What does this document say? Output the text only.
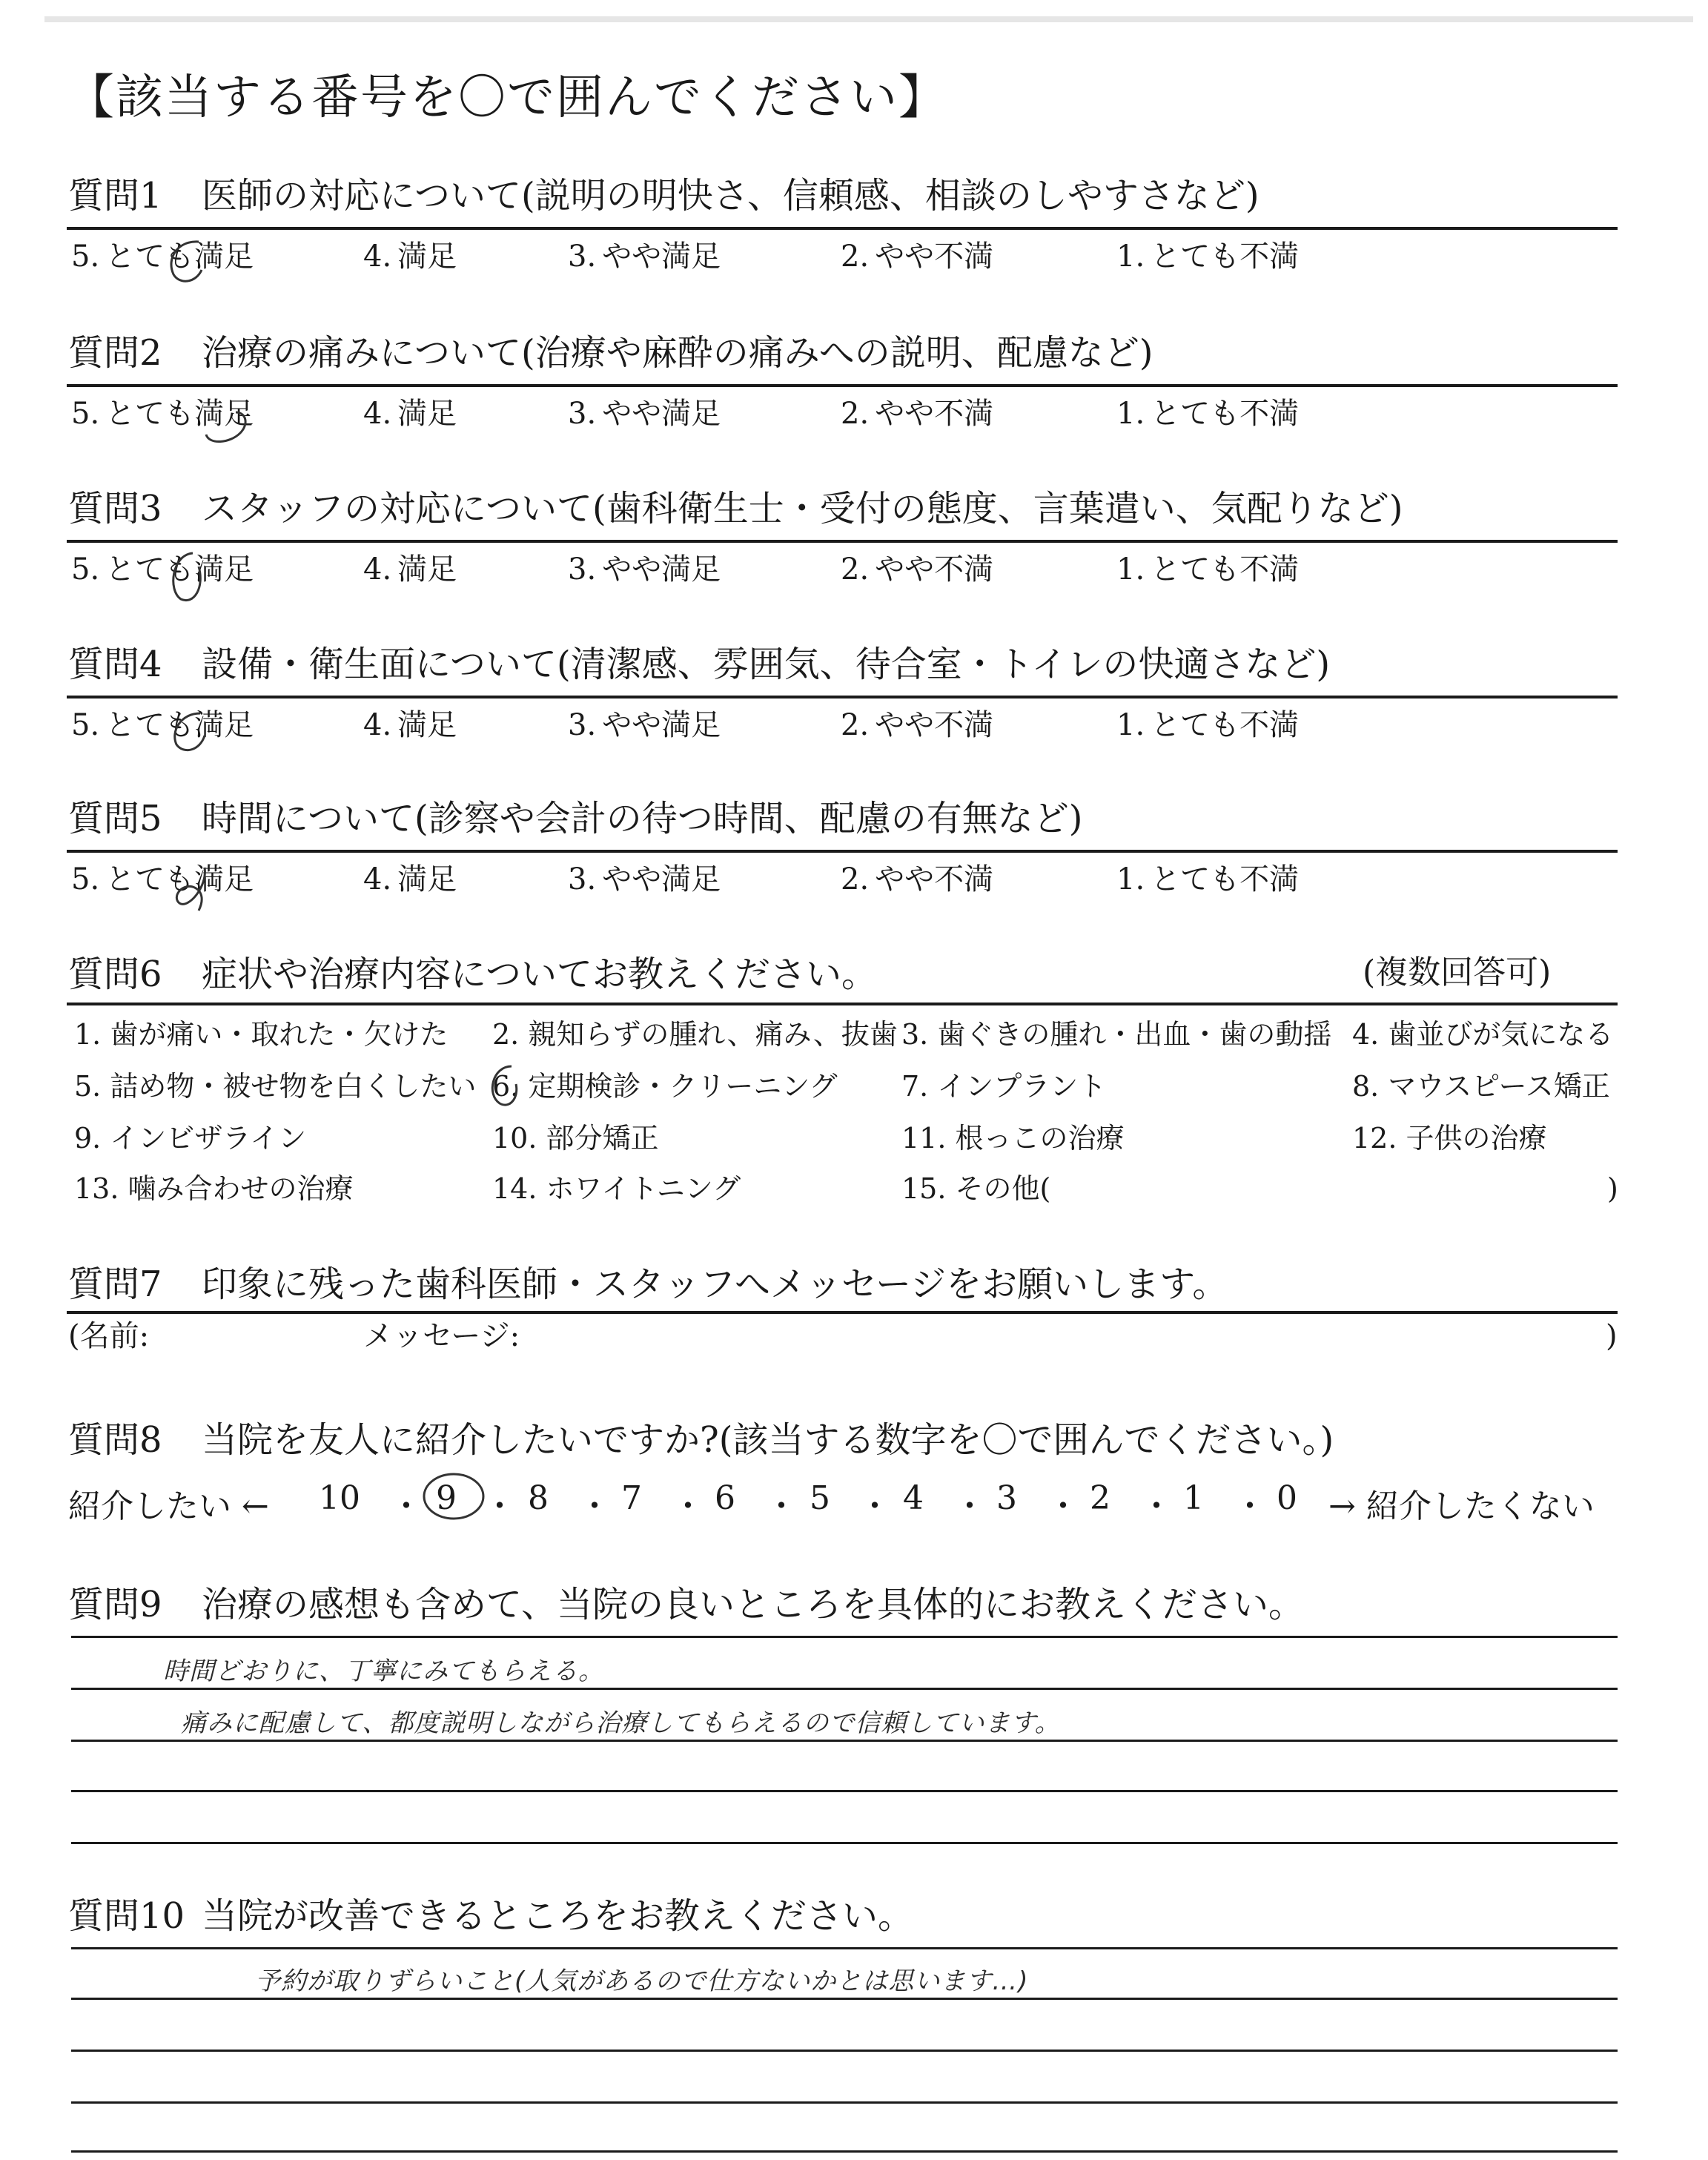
【該当する番号を〇で囲んでください】
質問1 医師の対応について(説明の明快さ、信頼感、相談のしやすさなど)
5. とても満足	4. 満足	3. やや満足	2. やや不満	1. とても不満
質問2 治療の痛みについて(治療や麻酔の痛みへの説明、配慮など)
5. とても満足	4. 満足	3. やや満足	2. やや不満	1. とても不満
質問3 スタッフの対応について(歯科衛生士・受付の態度、言葉遣い、気配りなど)
5. とても満足	4. 満足	3. やや満足	2. やや不満	1. とても不満
質問4 設備・衛生面について(清潔感、雰囲気、待合室・トイレの快適さなど)
5. とても満足	4. 満足	3. やや満足	2. やや不満	1. とても不満
質問5 時間について(診察や会計の待つ時間、配慮の有無など)
5. とても満足	4. 満足	3. やや満足	2. やや不満	1. とても不満
質問6 症状や治療内容についてお教えください。	(複数回答可)
1. 歯が痛い・取れた・欠けた 2. 親知らずの腫れ、痛み、抜歯 3. 歯ぐきの腫れ・出血・歯の動揺 4. 歯並びが気になる
5. 詰め物・被せ物を白くしたい 6. 定期検診・クリーニング 7. インプラント	8. マウスピース矯正
9. インビザライン	10. 部分矯正	11. 根っこの治療	12. 子供の治療
13. 噛み合わせの治療	14. ホワイトニング	15. その他(	)
質問7 印象に残った歯科医師・スタッフへメッセージをお願いします。
(名前:	メッセージ:	)
質問8 当院を友人に紹介したいですか?(該当する数字を〇で囲んでください。)
紹介したい ← 10 ・ 9 ・ 8 ・ 7 ・ 6 ・ 5 ・ 4 ・ 3 ・ 2 ・ 1 ・ 0 → 紹介したくない
質問9 治療の感想も含めて、当院の良いところを具体的にお教えください。
時間どおりに、丁寧にみてもらえる。
痛みに配慮して、都度説明しながら治療してもらえるので信頼しています。
質問10 当院が改善できるところをお教えください。
予約が取りずらいこと(人気があるので仕方ないかとは思います…)
